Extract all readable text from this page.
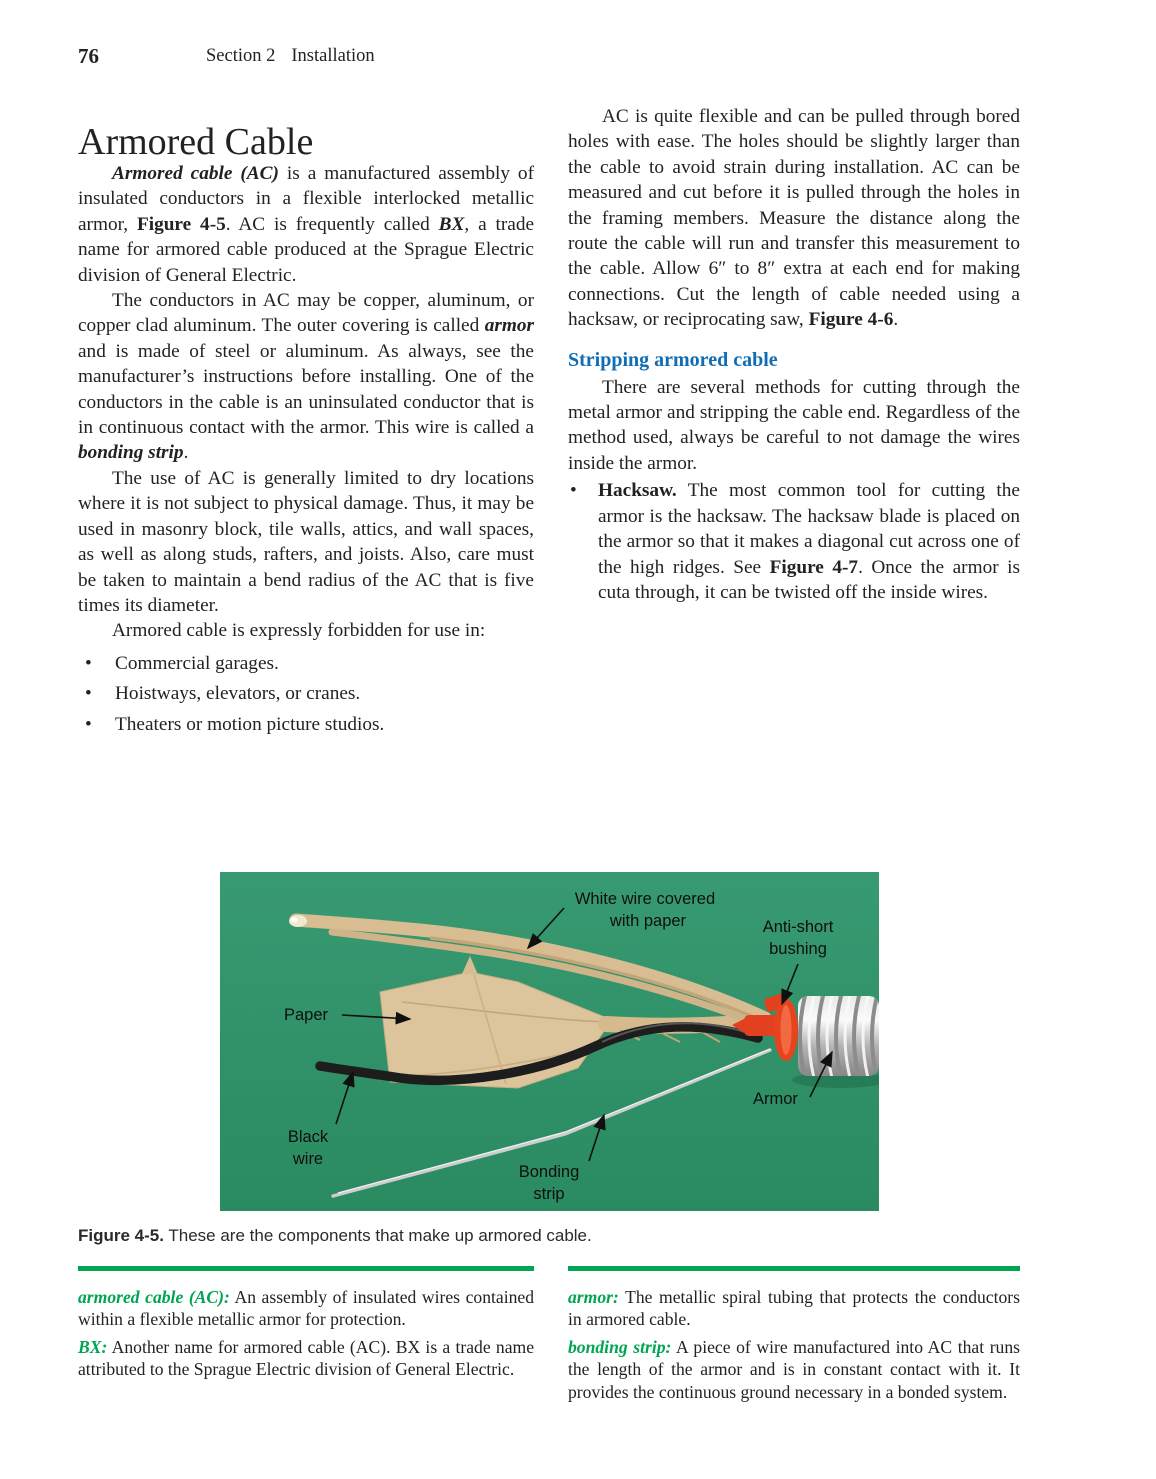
76	Section 2 Installation
Armored Cable

Armored cable (AC) is a manufactured assembly of insulated conductors in a flexible interlocked metallic armor, Figure 4-5. AC is frequently called BX, a trade name for armored cable produced at the Sprague Electric division of General Electric.

The conductors in AC may be copper, aluminum, or copper clad aluminum. The outer covering is called armor and is made of steel or aluminum. As always, see the manufacturer’s instructions before installing. One of the conductors in the cable is an uninsulated conductor that is in continuous contact with the armor. This wire is called a bonding strip.

The use of AC is generally limited to dry locations where it is not subject to physical damage. Thus, it may be used in masonry block, tile walls, attics, and wall spaces, as well as along studs, rafters, and joists. Also, care must be taken to maintain a bend radius of the AC that is five times its diameter.

Armored cable is expressly forbidden for use in:

•	Commercial garages.
•	Hoistways, elevators, or cranes.
•	Theaters or motion picture studios.

AC is quite flexible and can be pulled through bored holes with ease. The holes should be slightly larger than the cable to avoid strain during installation. AC can be measured and cut before it is pulled through the holes in the framing members. Measure the distance along the route the cable will run and transfer this measurement to the cable. Allow 6″ to 8″ extra at each end for making connections. Cut the length of cable needed using a hacksaw, or reciprocating saw, Figure 4-6.

Stripping armored cable

There are several methods for cutting through the metal armor and stripping the cable end. Regardless of the method used, always be careful to not damage the wires inside the armor.

•	Hacksaw. The most common tool for cutting the armor is the hacksaw. The hacksaw blade is placed on the armor so that it makes a diagonal cut across one of the high ridges. See Figure 4-7. Once the armor is cuta through, it can be twisted off the inside wires.
White wire covered
with paper	Anti-short
bushing
Paper
Black
wire
Bonding
strip
Armor
Figure 4-5. These are the components that make up armored cable.

armored cable (AC): An assembly of insulated wires contained within a flexible metallic armor for protection.

BX: Another name for armored cable (AC). BX is a trade name attributed to the Sprague Electric division of General Electric.

armor: The metallic spiral tubing that protects the conductors in armored cable.

bonding strip: A piece of wire manufactured into AC that runs the length of the armor and is in constant contact with it. It provides the continuous ground necessary in a bonded system.
